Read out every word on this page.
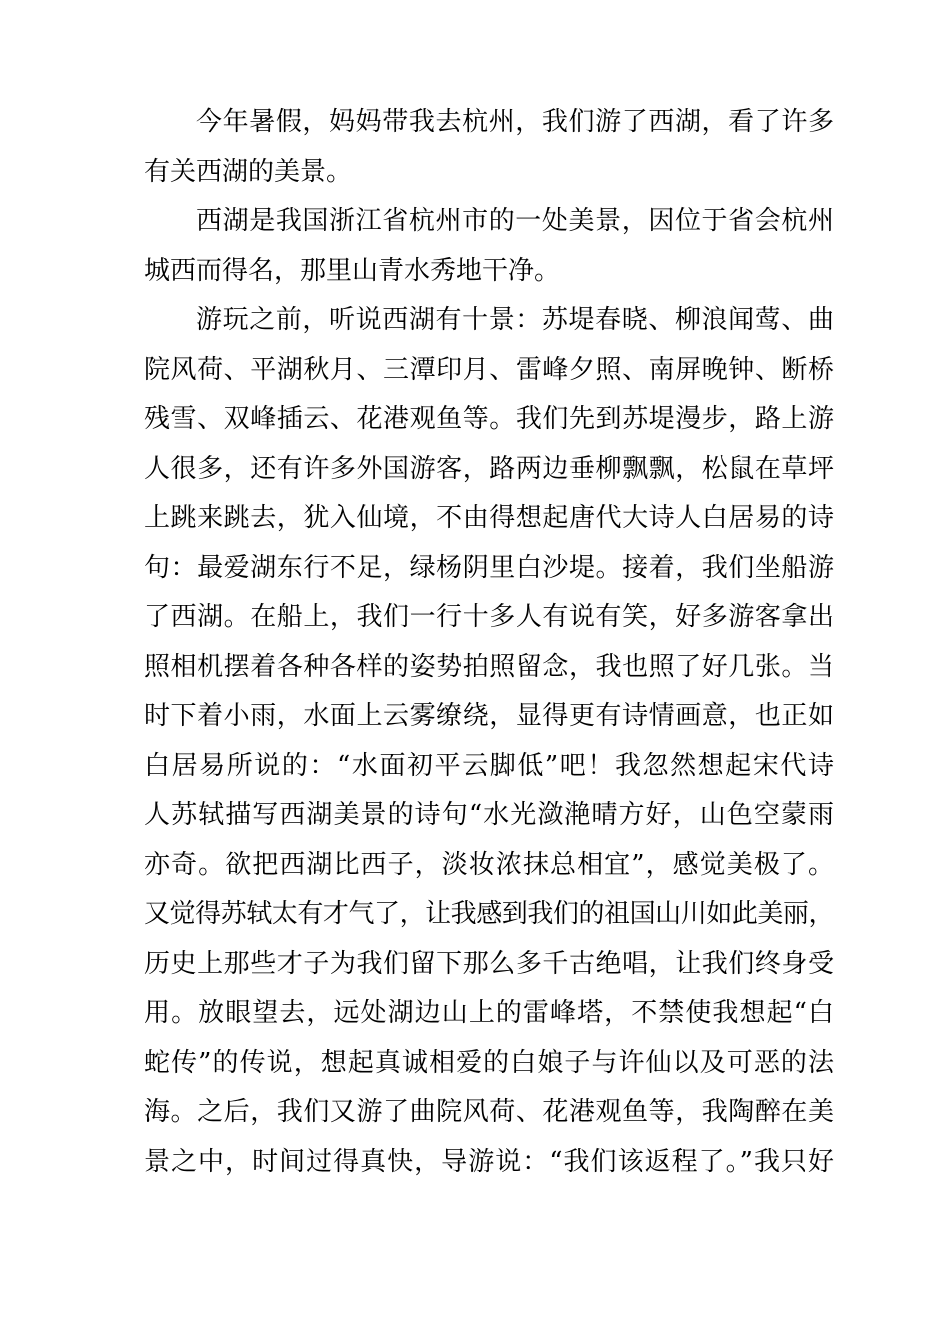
今年暑假，妈妈带我去杭州，我们游了西湖，看了许多
有关西湖的美景。
西湖是我国浙江省杭州市的一处美景，因位于省会杭州
城西而得名，那里山青水秀地干净。
游玩之前，听说西湖有十景：苏堤春晓、柳浪闻莺、曲
院风荷、平湖秋月、三潭印月、雷峰夕照、南屏晚钟、断桥
残雪、双峰插云、花港观鱼等。我们先到苏堤漫步，路上游
人很多，还有许多外国游客，路两边垂柳飘飘，松鼠在草坪
上跳来跳去，犹入仙境，不由得想起唐代大诗人白居易的诗
句：最爱湖东行不足，绿杨阴里白沙堤。接着，我们坐船游
了西湖。在船上，我们一行十多人有说有笑，好多游客拿出
照相机摆着各种各样的姿势拍照留念，我也照了好几张。当
时下着小雨，水面上云雾缭绕，显得更有诗情画意，也正如
白居易所说的：“水面初平云脚低”吧！我忽然想起宋代诗
人苏轼描写西湖美景的诗句“水光潋滟晴方好，山色空蒙雨
亦奇。欲把西湖比西子，淡妆浓抹总相宜”，感觉美极了。
又觉得苏轼太有才气了，让我感到我们的祖国山川如此美丽，
历史上那些才子为我们留下那么多千古绝唱，让我们终身受
用。放眼望去，远处湖边山上的雷峰塔，不禁使我想起“白
蛇传”的传说，想起真诚相爱的白娘子与许仙以及可恶的法
海。之后，我们又游了曲院风荷、花港观鱼等，我陶醉在美
景之中，时间过得真快，导游说：“我们该返程了。”我只好
